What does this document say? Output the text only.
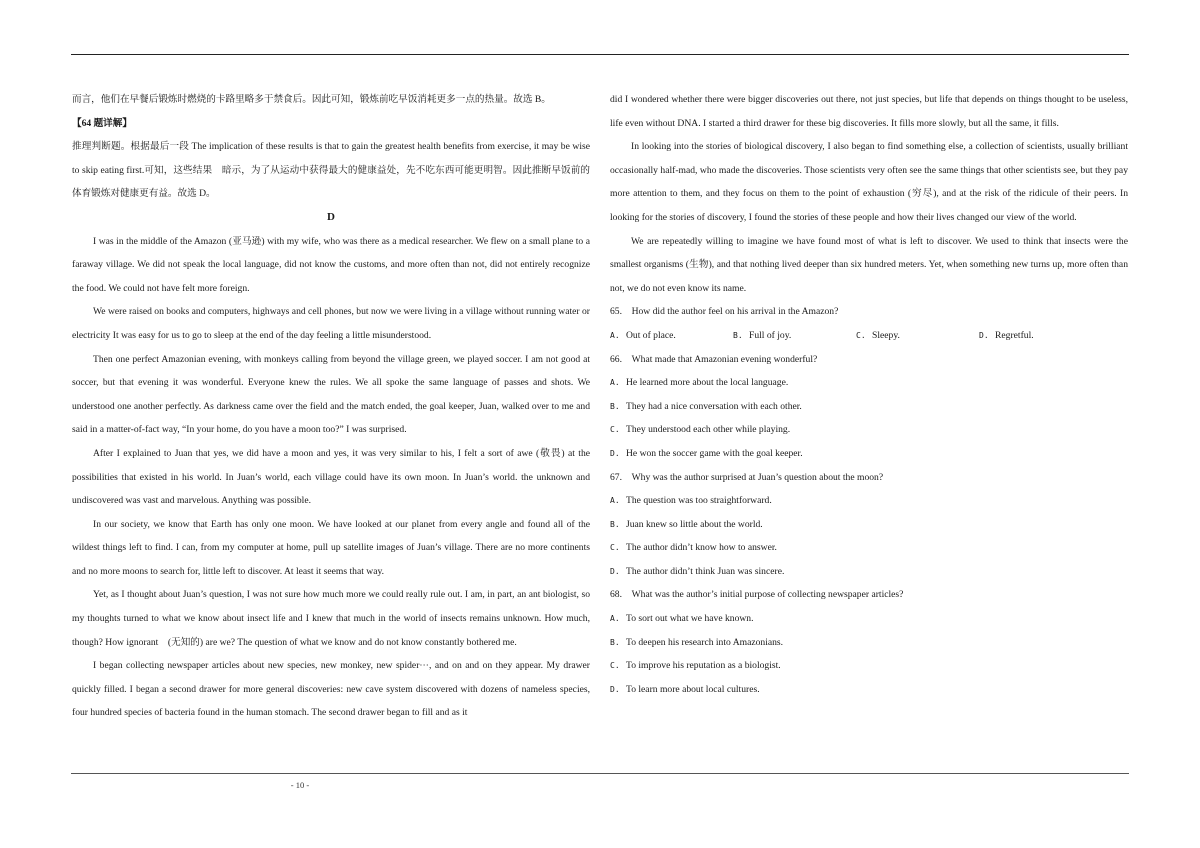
而言，他们在早餐后锻炼时燃烧的卡路里略多于禁食后。因此可知，锻炼前吃早饭消耗更多一点的热量。故选 B。

【64 题详解】

推理判断题。根据最后一段 The implication of these results is that to gain the greatest health benefits from exercise, it may be wise to skip eating first.可知，这些结果　暗示，为了从运动中获得最大的健康益处，先不吃东西可能更明智。因此推断早饭前的体育锻炼对健康更有益。故选 D。

D

I was in the middle of the Amazon (亚马逊) with my wife, who was there as a medical researcher. We flew on a small plane to a faraway village. We did not speak the local language, did not know the customs, and more often than not, did not entirely recognize the food. We could not have felt more foreign.

We were raised on books and computers, highways and cell phones, but now we were living in a village without running water or electricity It was easy for us to go to sleep at the end of the day feeling a little misunderstood.

Then one perfect Amazonian evening, with monkeys calling from beyond the village green, we played soccer. I am not good at soccer, but that evening it was wonderful. Everyone knew the rules. We all spoke the same language of passes and shots. We understood one another perfectly. As darkness came over the field and the match ended, the goal keeper, Juan, walked over to me and said in a matter-of-fact way, “In your home, do you have a moon too?” I was surprised.

After I explained to Juan that yes, we did have a moon and yes, it was very similar to his, I felt a sort of awe (敬畏) at the possibilities that existed in his world. In Juan’s world, each village could have its own moon. In Juan’s world. the unknown and undiscovered was vast and marvelous. Anything was possible.

In our society, we know that Earth has only one moon. We have looked at our planet from every angle and found all of the wildest things left to find. I can, from my computer at home, pull up satellite images of Juan’s village. There are no more continents and no more moons to search for, little left to discover. At least it seems that way.

Yet, as I thought about Juan’s question, I was not sure how much more we could really rule out. I am, in part, an ant biologist, so my thoughts turned to what we know about insect life and I knew that much in the world of insects remains unknown. How much, though? How ignorant　(无知的) are we? The question of what we know and do not know constantly bothered me.

I began collecting newspaper articles about new species, new monkey, new spider⋯, and on and on they appear. My drawer quickly filled. I began a second drawer for more general discoveries: new cave system discovered with dozens of nameless species, four hundred species of bacteria found in the human stomach. The second drawer began to fill and as it

did I wondered whether there were bigger discoveries out there, not just species, but life that depends on things thought to be useless, life even without DNA. I started a third drawer for these big discoveries. It fills more slowly, but all the same, it fills.

In looking into the stories of biological discovery, I also began to find something else, a collection of scientists, usually brilliant occasionally half-mad, who made the discoveries. Those scientists very often see the same things that other scientists see, but they pay more attention to them, and they focus on them to the point of exhaustion (穷尽), and at the risk of the ridicule of their peers. In looking for the stories of discovery, I found the stories of these people and how their lives changed our view of the world.

We are repeatedly willing to imagine we have found most of what is left to discover. We used to think that insects were the smallest organisms (生物), and that nothing lived deeper than six hundred meters. Yet, when something new turns up, more often than not, we do not even know its name.

65.　How did the author feel on his arrival in the Amazon?

A. Out of place.	B. Full of joy.	C. Sleepy.	D. Regretful.

66.　What made that Amazonian evening wonderful?

A. He learned more about the local language.

B. They had a nice conversation with each other.

C. They understood each other while playing.

D. He won the soccer game with the goal keeper.

67.　Why was the author surprised at Juan’s question about the moon?

A. The question was too straightforward.

B. Juan knew so little about the world.

C. The author didn’t know how to answer.

D. The author didn’t think Juan was sincere.

68.　What was the author’s initial purpose of collecting newspaper articles?

A. To sort out what we have known.

B. To deepen his research into Amazonians.

C. To improve his reputation as a biologist.

D. To learn more about local cultures.

- 10 -
